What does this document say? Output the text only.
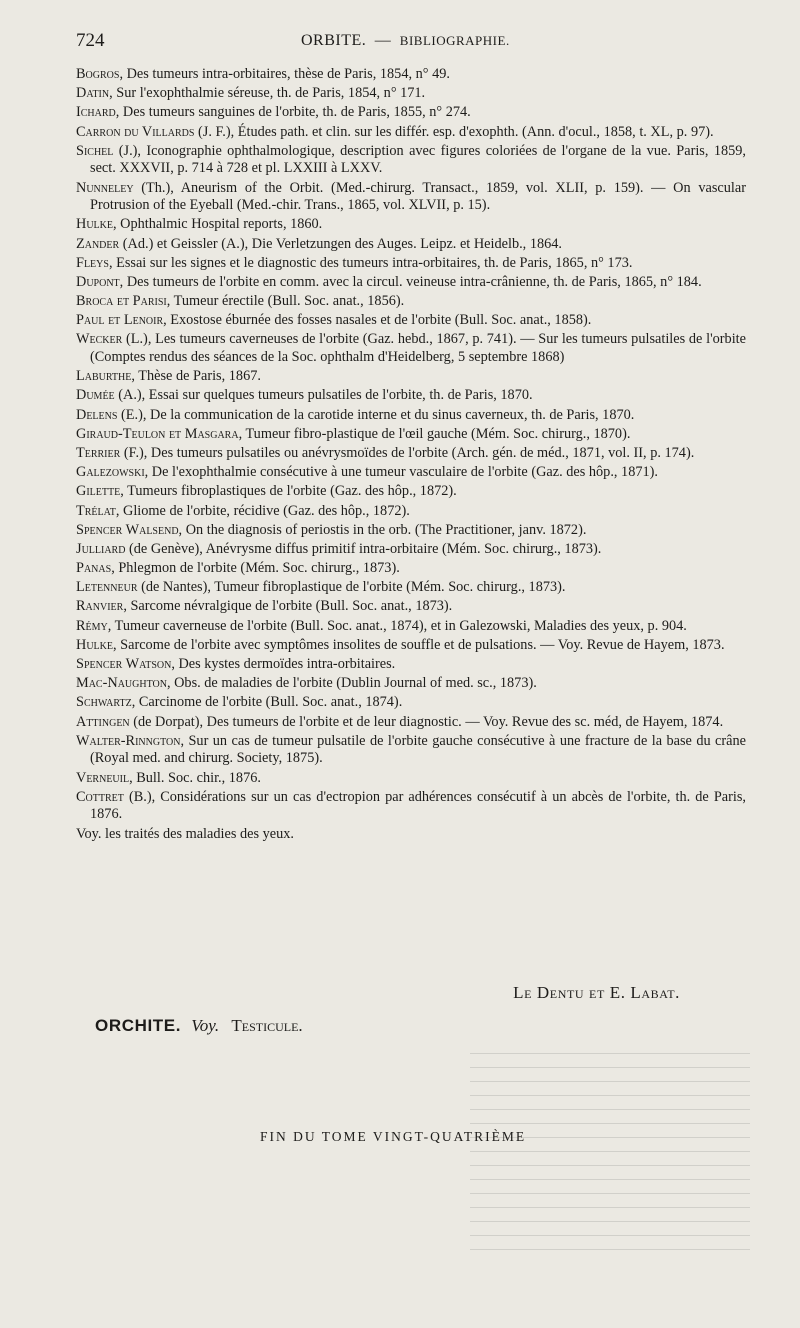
724	ORBITE. — BIBLIOGRAPHIE.

Bogros, Des tumeurs intra-orbitaires, thèse de Paris, 1854, n° 49.

Datin, Sur l'exophthalmie séreuse, th. de Paris, 1854, n° 171.

Ichard, Des tumeurs sanguines de l'orbite, th. de Paris, 1855, n° 274.

Carron du Villards (J. F.), Études path. et clin. sur les différ. esp. d'exophth. (Ann. d'ocul., 1858, t. XL, p. 97).

Sichel (J.), Iconographie ophthalmologique, description avec figures coloriées de l'organe de la vue. Paris, 1859, sect. XXXVII, p. 714 à 728 et pl. LXXIII à LXXV.

Nunneley (Th.), Aneurism of the Orbit. (Med.-chirurg. Transact., 1859, vol. XLII, p. 159). — On vascular Protrusion of the Eyeball (Med.-chir. Trans., 1865, vol. XLVII, p. 15).

Hulke, Ophthalmic Hospital reports, 1860.

Zander (Ad.) et Geissler (A.), Die Verletzungen des Auges. Leipz. et Heidelb., 1864.

Fleys, Essai sur les signes et le diagnostic des tumeurs intra-orbitaires, th. de Paris, 1865, n° 173.

Dupont, Des tumeurs de l'orbite en comm. avec la circul. veineuse intra-crânienne, th. de Paris, 1865, n° 184.

Broca et Parisi, Tumeur érectile (Bull. Soc. anat., 1856).

Paul et Lenoir, Exostose éburnée des fosses nasales et de l'orbite (Bull. Soc. anat., 1858).

Wecker (L.), Les tumeurs caverneuses de l'orbite (Gaz. hebd., 1867, p. 741). — Sur les tumeurs pulsatiles de l'orbite (Comptes rendus des séances de la Soc. ophthalm d'Heidelberg, 5 septembre 1868)

Laburthe, Thèse de Paris, 1867.

Dumée (A.), Essai sur quelques tumeurs pulsatiles de l'orbite, th. de Paris, 1870.

Delens (E.), De la communication de la carotide interne et du sinus caverneux, th. de Paris, 1870.

Giraud-Teulon et Masgara, Tumeur fibro-plastique de l'œil gauche (Mém. Soc. chirurg., 1870).

Terrier (F.), Des tumeurs pulsatiles ou anévrysmoïdes de l'orbite (Arch. gén. de méd., 1871, vol. II, p. 174).

Galezowski, De l'exophthalmie consécutive à une tumeur vasculaire de l'orbite (Gaz. des hôp., 1871).

Gilette, Tumeurs fibroplastiques de l'orbite (Gaz. des hôp., 1872).

Trélat, Gliome de l'orbite, récidive (Gaz. des hôp., 1872).

Spencer Walsend, On the diagnosis of periostis in the orb. (The Practitioner, janv. 1872).

Julliard (de Genève), Anévrysme diffus primitif intra-orbitaire (Mém. Soc. chirurg., 1873).

Panas, Phlegmon de l'orbite (Mém. Soc. chirurg., 1873).

Letenneur (de Nantes), Tumeur fibroplastique de l'orbite (Mém. Soc. chirurg., 1873).

Ranvier, Sarcome névralgique de l'orbite (Bull. Soc. anat., 1873).

Rémy, Tumeur caverneuse de l'orbite (Bull. Soc. anat., 1874), et in Galezowski, Maladies des yeux, p. 904.

Hulke, Sarcome de l'orbite avec symptômes insolites de souffle et de pulsations. — Voy. Revue de Hayem, 1873.

Spencer Watson, Des kystes dermoïdes intra-orbitaires.

Mac-Naughton, Obs. de maladies de l'orbite (Dublin Journal of med. sc., 1873).

Schwartz, Carcinome de l'orbite (Bull. Soc. anat., 1874).

Attingen (de Dorpat), Des tumeurs de l'orbite et de leur diagnostic. — Voy. Revue des sc. méd, de Hayem, 1874.

Walter-Rinngton, Sur un cas de tumeur pulsatile de l'orbite gauche consécutive à une fracture de la base du crâne (Royal med. and chirurg. Society, 1875).

Verneuil, Bull. Soc. chir., 1876.

Cottret (B.), Considérations sur un cas d'ectropion par adhérences consécutif à un abcès de l'orbite, th. de Paris, 1876.

Voy. les traités des maladies des yeux.

Le Dentu et E. Labat.
ORCHITE. Voy. Testicule.
FIN DU TOME VINGT-QUATRIÈME
